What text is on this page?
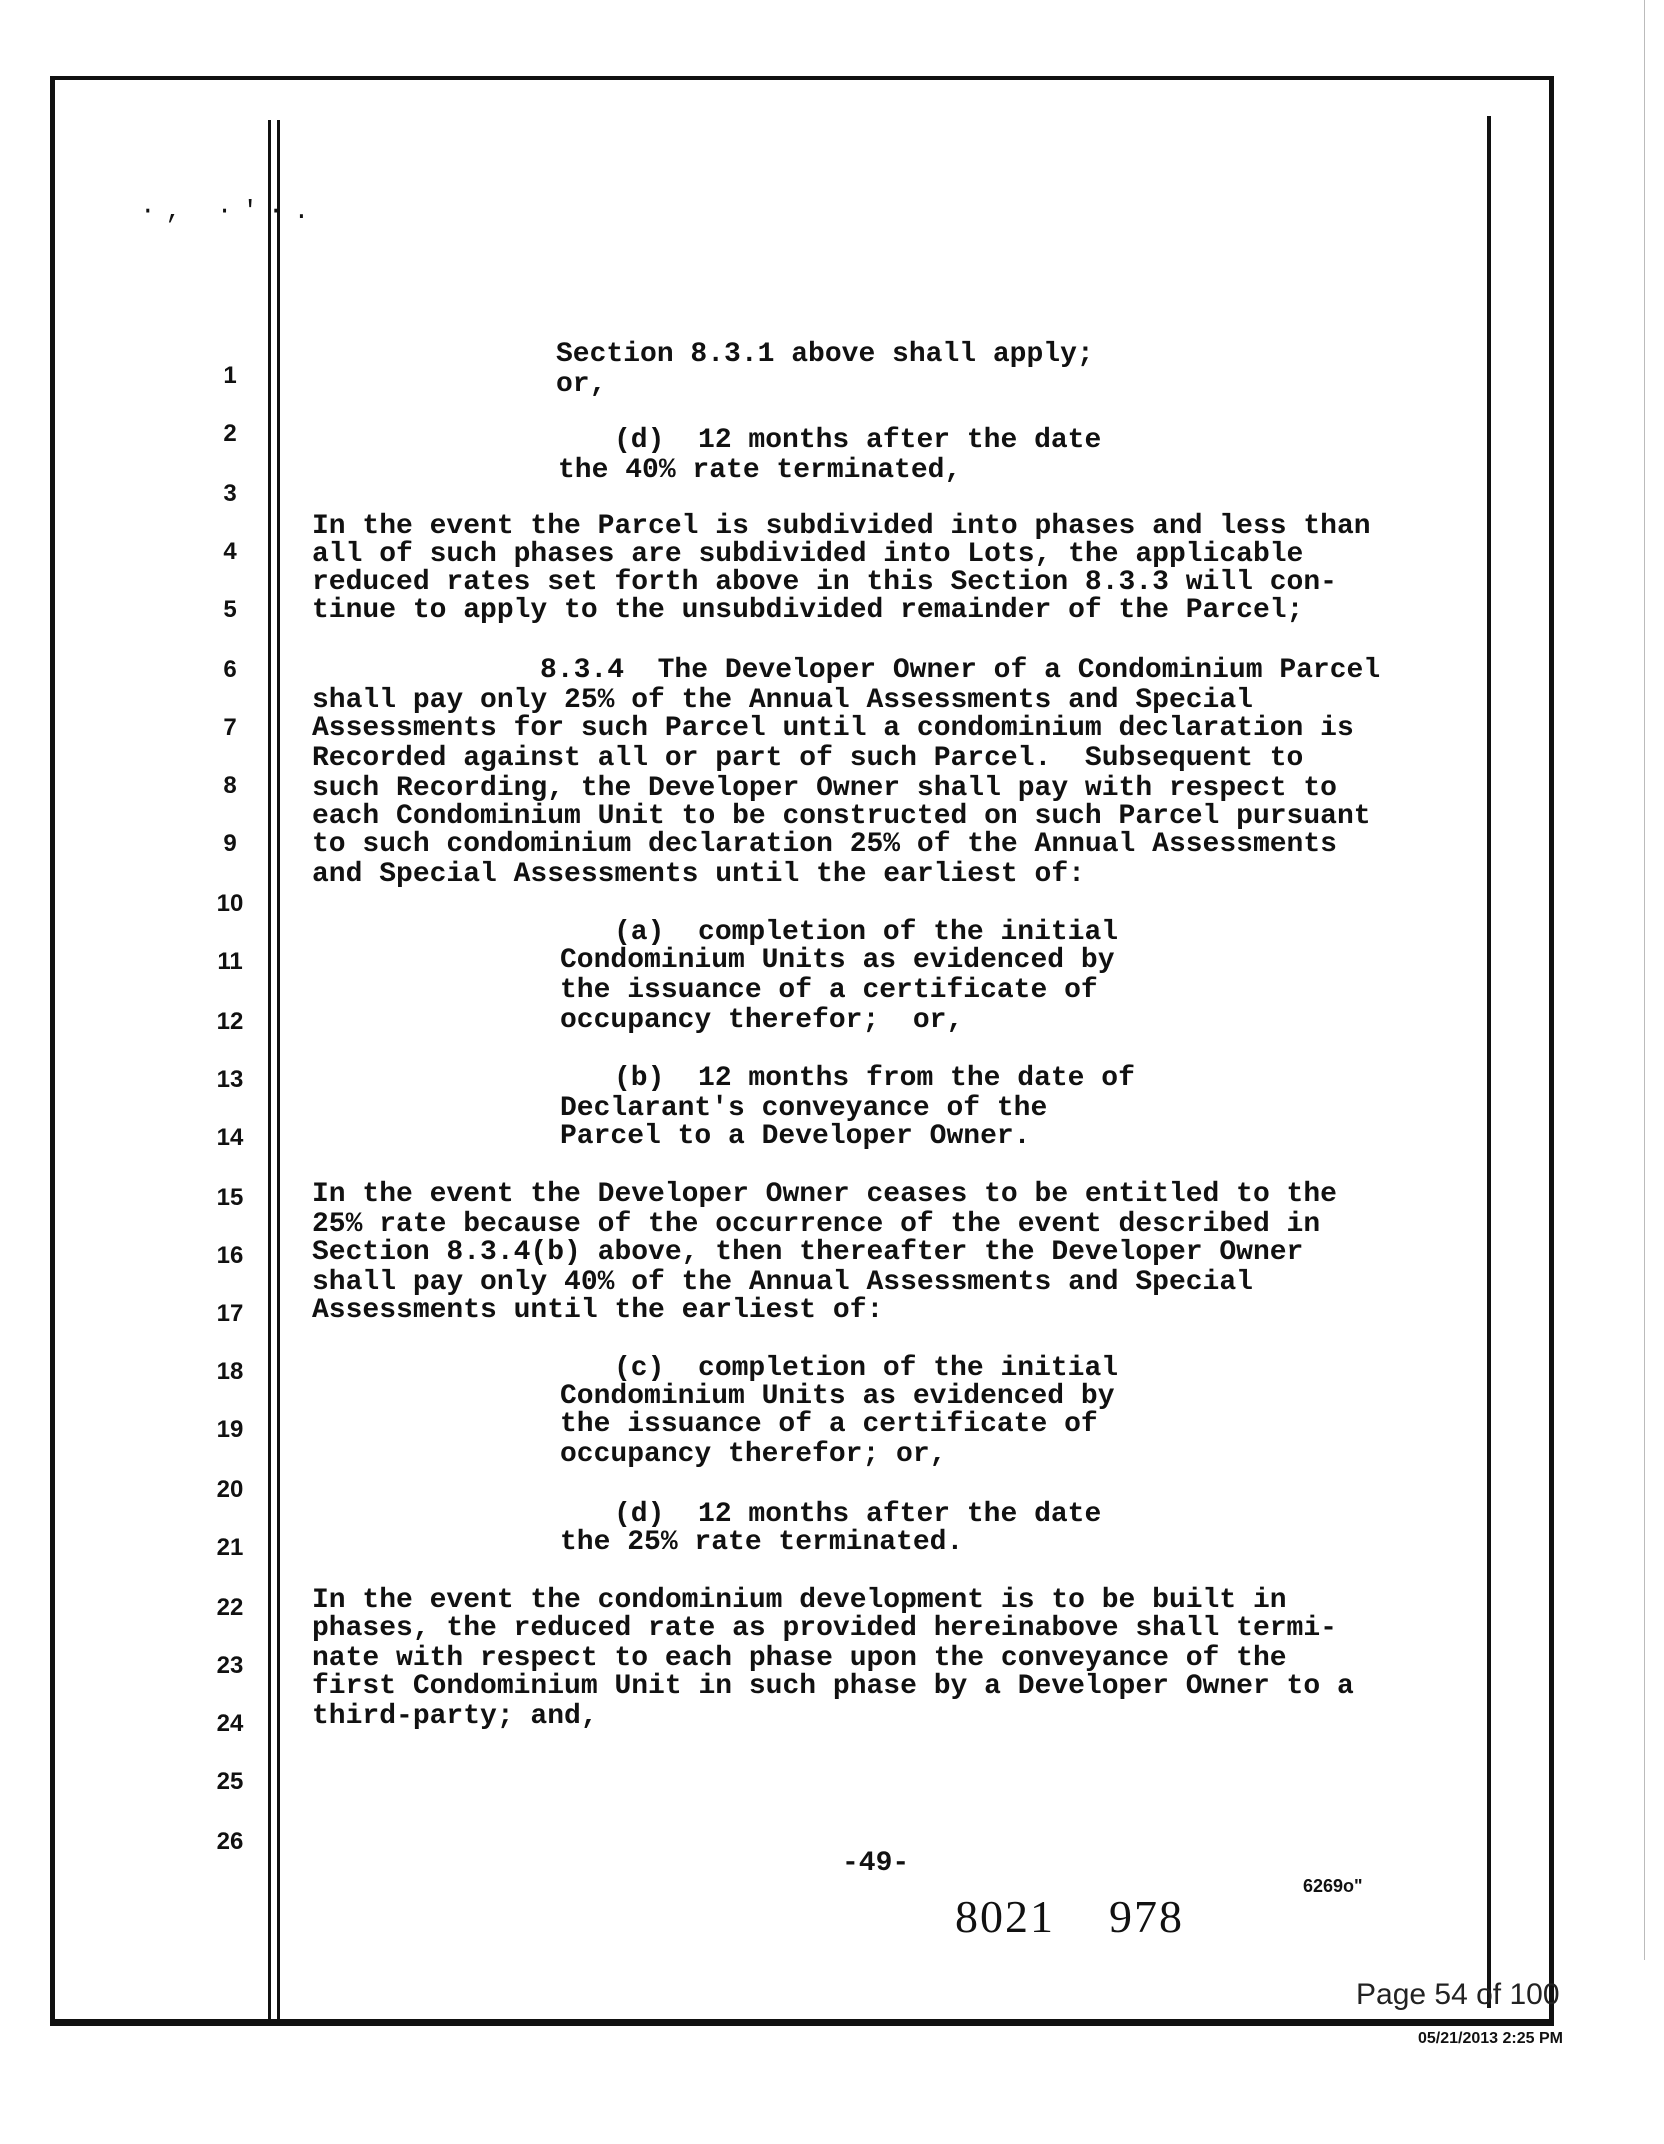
·, ·'·.
1
2
3
4
5
6
7
8
9
10
11
12
13
14
15
16
17
18
19
20
21
22
23
24
25
26
Section 8.3.1 above shall apply;
or,
(d)  12 months after the date
the 40% rate terminated,
In the event the Parcel is subdivided into phases and less than
all of such phases are subdivided into Lots, the applicable
reduced rates set forth above in this Section 8.3.3 will con-
tinue to apply to the unsubdivided remainder of the Parcel;
8.3.4  The Developer Owner of a Condominium Parcel
shall pay only 25% of the Annual Assessments and Special
Assessments for such Parcel until a condominium declaration is
Recorded against all or part of such Parcel.  Subsequent to
such Recording, the Developer Owner shall pay with respect to
each Condominium Unit to be constructed on such Parcel pursuant
to such condominium declaration 25% of the Annual Assessments
and Special Assessments until the earliest of:
(a)  completion of the initial
Condominium Units as evidenced by
the issuance of a certificate of
occupancy therefor;  or,
(b)  12 months from the date of
Declarant's conveyance of the
Parcel to a Developer Owner.
In the event the Developer Owner ceases to be entitled to the
25% rate because of the occurrence of the event described in
Section 8.3.4(b) above, then thereafter the Developer Owner
shall pay only 40% of the Annual Assessments and Special
Assessments until the earliest of:
(c)  completion of the initial
Condominium Units as evidenced by
the issuance of a certificate of
occupancy therefor; or,
(d)  12 months after the date
the 25% rate terminated.
In the event the condominium development is to be built in
phases, the reduced rate as provided hereinabove shall termi-
nate with respect to each phase upon the conveyance of the
first Condominium Unit in such phase by a Developer Owner to a
third-party; and,
-49-
8021    978
6269o"
Page 54 of 100
05/21/2013 2:25 PM
